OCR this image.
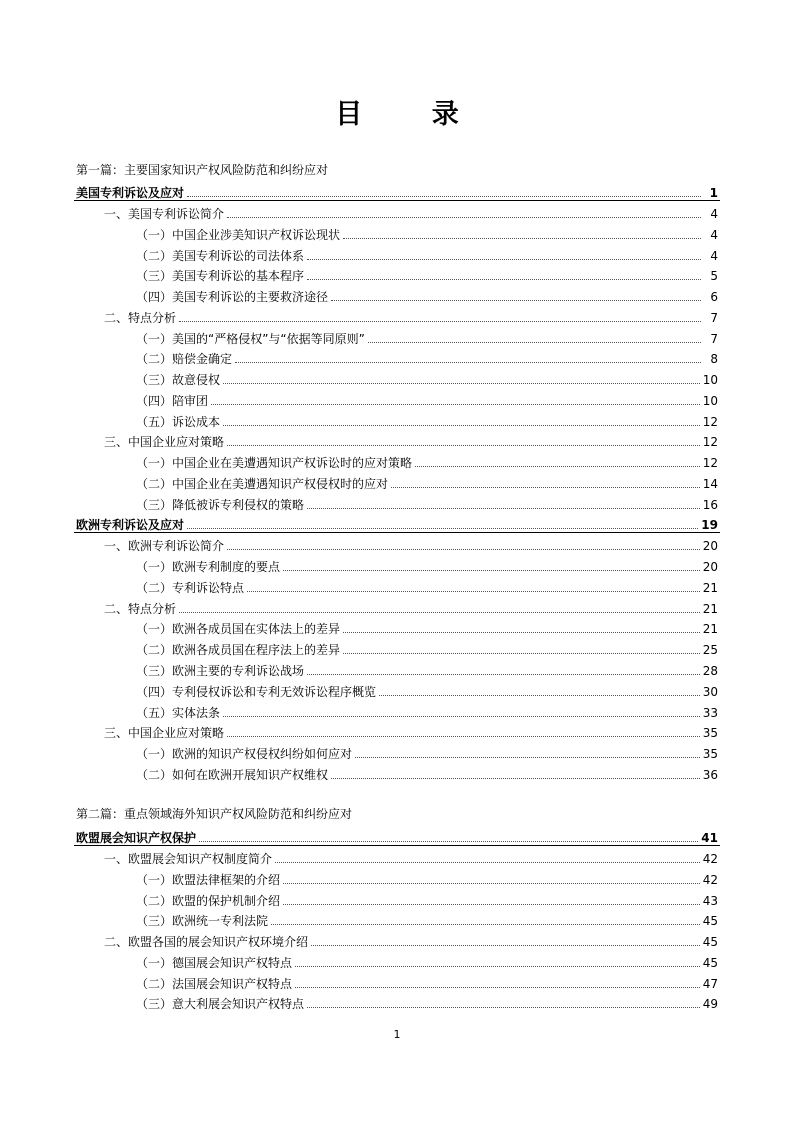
目 录
第一篇：主要国家知识产权风险防范和纠纷应对
第二篇：重点领域海外知识产权风险防范和纠纷应对
美国专利诉讼及应对	1
一、美国专利诉讼简介	4
（一）中国企业涉美知识产权诉讼现状	4
（二）美国专利诉讼的司法体系	4
（三）美国专利诉讼的基本程序	5
（四）美国专利诉讼的主要救济途径	6
二、特点分析	7
（一）美国的“严格侵权”与“依据等同原则”	7
（二）赔偿金确定	8
（三）故意侵权	10
（四）陪审团	10
（五）诉讼成本	12
三、中国企业应对策略	12
（一）中国企业在美遭遇知识产权诉讼时的应对策略	12
（二）中国企业在美遭遇知识产权侵权时的应对	14
（三）降低被诉专利侵权的策略	16
欧洲专利诉讼及应对	19
一、欧洲专利诉讼简介	20
（一）欧洲专利制度的要点	20
（二）专利诉讼特点	21
二、特点分析	21
（一）欧洲各成员国在实体法上的差异	21
（二）欧洲各成员国在程序法上的差异	25
（三）欧洲主要的专利诉讼战场	28
（四）专利侵权诉讼和专利无效诉讼程序概览	30
（五）实体法条	33
三、中国企业应对策略	35
（一）欧洲的知识产权侵权纠纷如何应对	35
（二）如何在欧洲开展知识产权维权	36
欧盟展会知识产权保护	41
一、欧盟展会知识产权制度简介	42
（一）欧盟法律框架的介绍	42
（二）欧盟的保护机制介绍	43
（三）欧洲统一专利法院	45
二、欧盟各国的展会知识产权环境介绍	45
（一）德国展会知识产权特点	45
（二）法国展会知识产权特点	47
（三）意大利展会知识产权特点	49
1
